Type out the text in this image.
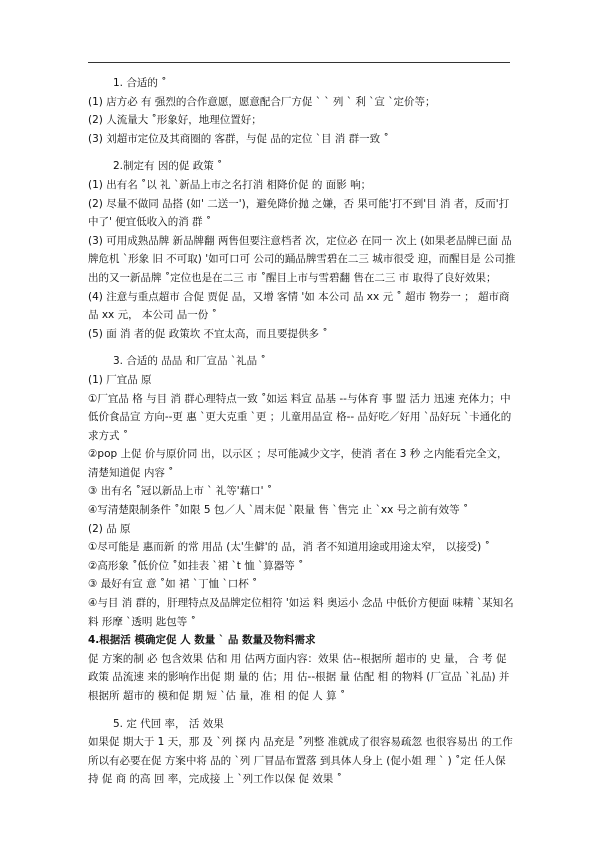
1. 合适的 ˚

(1) 店方必 有 强烈的合作意愿，愿意配合厂方促 ` ` 列 ` 利 `宣 ˋ定价等；

(2) 人流量大 ˚形象好，地理位置好；

(3) 刘超市定位及其商圈的 客群，与促 品的定位 ˋ目 消 群一致 ˚

2.制定有 因的促 政策 ˚

(1) 出有名 ˚以 礼 `新品上市之名打消 相降价促 的 面影 响；

(2) 尽量不做同 品搭 (如' 二送一')，避免降价抛 之嫌，否 果可能'打不到'目 消 者，反而'打中了' 便宜低收入的消 群 ˚

(3) 可用成熟品牌 新品牌翻 两售但要注意档者 次，定位必 在同一 次上 (如果老品牌已面 品牌危机 `形象 旧 不可取) '如可口可 公司的踊品牌雪碧在二三 城市很受 迎，而醒目是 公司推出的又一新品牌 ˚定位也是在二三 市 ˚醒目上市与雪碧翻 售在二三 市 取得了良好效果；

(4) 注意与重点超市 合促 贾促 品，又增 客情 '如 本公司 品 xx 元 ˚ 超市 物券一 ； 超市商品 xx 元， 本公司 品一份 ˚

(5) 面 消 者的促 政策坎 不宜太高，而且要提供多 ˚

3. 合适的 品品 和厂宣品 `礼品 ˚

(1) 厂宜品 原

①厂宜品 格 与目 消 群心理特点一致 ˚如运 料宣 品基 --与体育 事 盟 活力 迅速 充体力；中低价食品宣 方向--更 惠 ˋ更大克重 ˋ更 ；儿童用品宣 格-- 品好吃／好用 ˋ品好玩 `卡通化的 求方式 ˚

②pop 上促 价与原价同 出，以示区 ；尽可能减少文字，使消 者在 3 秒 之内能看完全文，清楚知道促 内容 ˚

③ 出有名 ˚冠以新品上市 ` 礼等'藉口' ˚

④写清楚限制条件 ˚如限 5 包／人 ˋ周末促 ˋ限量 售 ˋ售完 止 `xx 号之前有效等 ˚

(2) 品 原

①尽可能是 惠而新 的常 用品 (太'生僻'的 品，消 者不知道用途或用途太窄， 以接受) ˚

②高形象 ˚低价位 ˚如挂表 ˋ裙 `t 恤 ˋ算器等 ˚

③ 最好有宣 意 ˚如 裙 `丁恤 ˋ口杯 ˚

④与目 消 群的，肝理特点及品牌定位相符 '如运 料 奥运小 念品 中低价方便面 味精 `某知名 料 形摩 ˋ透明 匙包等 ˚

4.根据活 模确定促 人 数量 ` 品 数量及物料需求

促 方案的制 必 包含效果 估和 用 估两方面内容：效果 估--根据所 超市的 史 量， 合 考 促 政策 品流速 来的影响作出促 期 量的 估；用 估--根据 量 估配 相 的物料 (厂宣品 `礼品) 并根据所 超市的 模和促 期 短 ˋ估 量，准 相 的促 人 算 ˚

5. 定 代回 率， 活 效果

如果促 期大于 1 天，那 及 `列 探 内 品充是 ˚列整 准就成了很容易疏忽 也很容易出 的工作 所以有必要在促 方案中将 品的 `列 厂冒品布置落 到具体人身上 (促小姐 理 ` ) ˚定 任人保持 促 商 的高 回 率，完成接 上 `列工作以保 促 效果 ˚
